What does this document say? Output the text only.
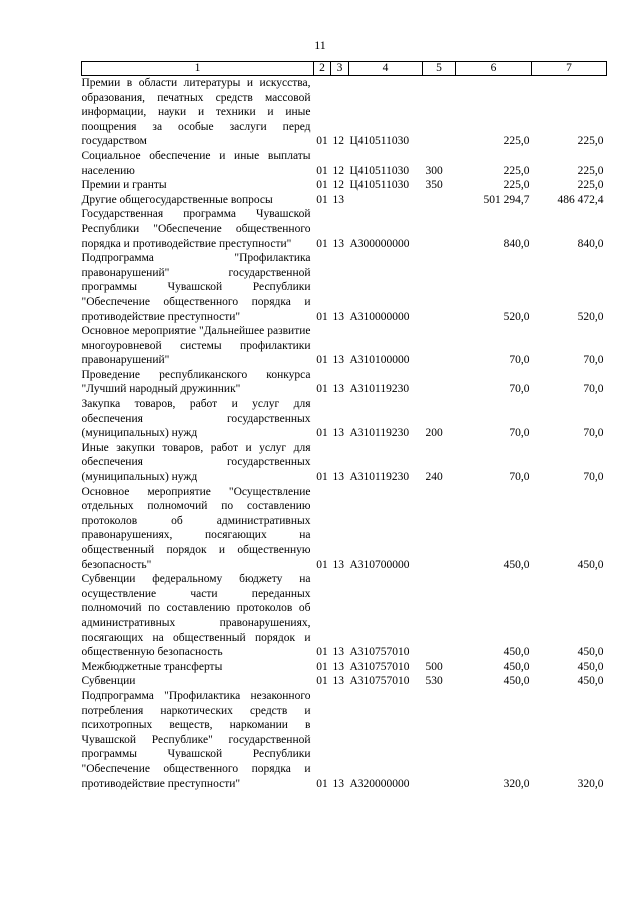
11
1	2	3	4	5	6	7
Премии в области литературы и искусства, образования, печатных средств массовой информации, науки и техники и иные поощрения за особые заслуги перед государством	01	12	Ц410511030		225,0	225,0
Социальное обеспечение и иные выплаты населению	01	12	Ц410511030	300	225,0	225,0
Премии и гранты	01	12	Ц410511030	350	225,0	225,0
Другие общегосударственные вопросы	01	13			501 294,7	486 472,4
Государственная программа Чувашской Республики "Обеспечение общественного порядка и противодействие преступности"	01	13	А300000000		840,0	840,0
Подпрограмма "Профилактика правонарушений" государственной программы Чувашской Республики "Обеспечение общественного порядка и противодействие преступности"	01	13	А310000000		520,0	520,0
Основное мероприятие "Дальнейшее развитие многоуровневой системы профилактики правонарушений"	01	13	А310100000		70,0	70,0
Проведение республиканского конкурса "Лучший народный дружинник"	01	13	А310119230		70,0	70,0
Закупка товаров, работ и услуг для обеспечения государственных (муниципальных) нужд	01	13	А310119230	200	70,0	70,0
Иные закупки товаров, работ и услуг для обеспечения государственных (муниципальных) нужд	01	13	А310119230	240	70,0	70,0
Основное мероприятие "Осуществление отдельных полномочий по составлению протоколов об административных правонарушениях, посягающих на общественный порядок и общественную безопасность"	01	13	А310700000		450,0	450,0
Субвенции федеральному бюджету на осуществление части переданных полномочий по составлению протоколов об административных правонарушениях, посягающих на общественный порядок и общественную безопасность	01	13	А310757010		450,0	450,0
Межбюджетные трансферты	01	13	А310757010	500	450,0	450,0
Субвенции	01	13	А310757010	530	450,0	450,0
Подпрограмма "Профилактика незаконного потребления наркотических средств и психотропных веществ, наркомании в Чувашской Республике" государственной программы Чувашской Республики "Обеспечение общественного порядка и противодействие преступности"	01	13	А320000000		320,0	320,0
